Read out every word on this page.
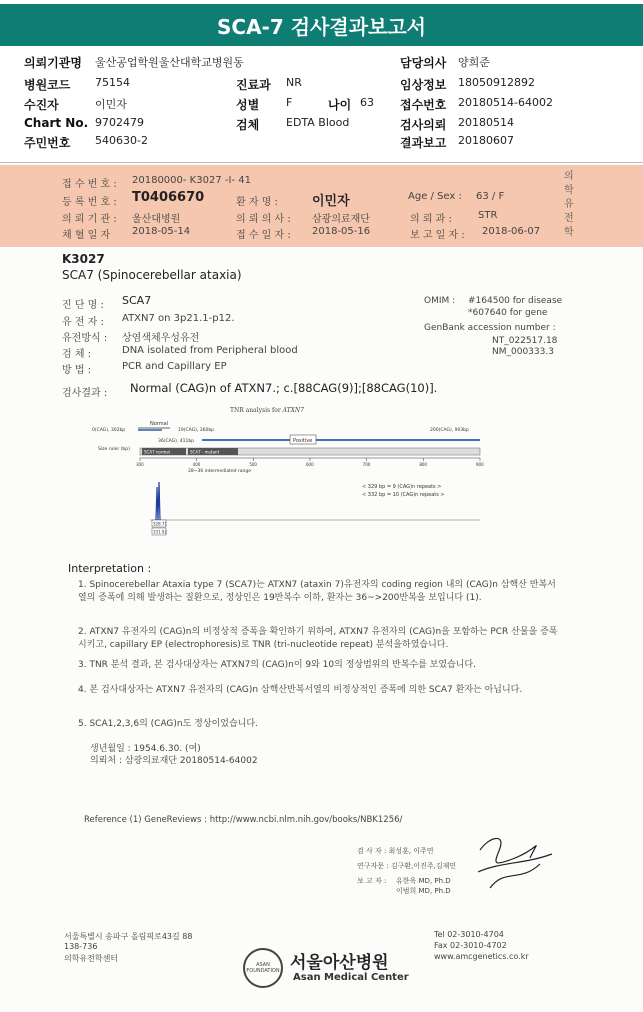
SCA-7 검사결과보고서
의뢰기관명 울산공업학원울산대학교병원동	담당의사 양희준
병원코드 75154	진료과 NR	임상정보 18050912892
수진자	이민자	성별 F	나이 63 접수번호 20180514-64002
Chart No. 9702479	검체 EDTA Blood	검사의뢰 20180514
주민번호 540630-2	결과보고 20180607
의
학
유
전
학
접 수 번 호 : 20180000- K3027 -I- 41
등 록 번 호 : T0406670	환 자 명 :	이민자	Age / Sex : 63 / F
의 뢰 기 관 : 울산대병원	의 뢰 의 사 : 삼광의료재단	의 뢰 과 :	STR
채 혈 일 자 2018-05-14	접 수 일 자 : 2018-05-16	보 고 일 자 : 2018-06-07
K3027
SCA7 (Spinocerebellar ataxia)
진 단 명 : SCA7
유 전 자 : ATXN7 on 3p21.1-p12.
유전방식 : 상염색체우성유전
검 체 :	DNA isolated from Peripheral blood
방 법 :	PCR and Capillary EP
OMIM : #164500 for disease
*607640 for gene
GenBank accession number :
NT_022517.18
NM_000333.3
검사결과 : Normal (CAG)n of ATXN7.; c.[88CAG(9)];[88CAG(10)].
TNR analysis for ATXN7
Normal
0(CAG), 302bp	19(CAG), 360bp
36(CAG), 411bp
200(CAG), 903bp
Positive
Size ruler (bp)	SCA7 normal	SCA7 - mutant
300	400	500	600	700	800	900
28~36 intermediated range
< 329 bp = 9 (CAG)n repeats >
< 332 bp = 10 (CAG)n repeats >
328.71
331.92
Interpretation :
1. Spinocerebellar Ataxia type 7 (SCA7)는 ATXN7 (ataxin 7)유전자의 coding region 내의 (CAG)n 삼핵산 반복서열의 증폭에 의해 발생하는 질환으로, 정상인은 19반복수 이하, 환자는 36~>200반복을 보입니다 (1).
2. ATXN7 유전자의 (CAG)n의 비정상적 증폭을 확인하기 위하여, ATXN7 유전자의 (CAG)n을 포함하는 PCR 산물을 증폭시키고, capillary EP (electrophoresis)로 TNR (tri-nucleotide repeat) 분석을하였습니다.
3. TNR 분석 결과, 본 검사대상자는 ATXN7의 (CAG)n이 9와 10의 정상범위의 반복수를 보였습니다.
4. 본 검사대상자는 ATXN7 유전자의 (CAG)n 삼핵산반복서열의 비정상적인 증폭에 의한 SCA7 환자는 아닙니다.
5. SCA1,2,3,6의 (CAG)n도 정상이었습니다.
생년월일 : 1954.6.30. (여)
의뢰처 : 삼광의료재단 20180514-64002
Reference (1) GeneReviews : http://www.ncbi.nlm.nih.gov/books/NBK1256/
검 사 자 : 최성훈, 이주연
연구자문 : 김구환,이진주,김재민
보 고 자 : 유한욱 MD, Ph.D
이범희 MD, Ph.D
서울특별시 송파구 올림픽로43길 88
138-736
의학유전학센터
ASAN FOUNDATION 서울아산병원
Asan Medical Center
Tel 02-3010-4704
Fax 02-3010-4702
www.amcgenetics.co.kr
